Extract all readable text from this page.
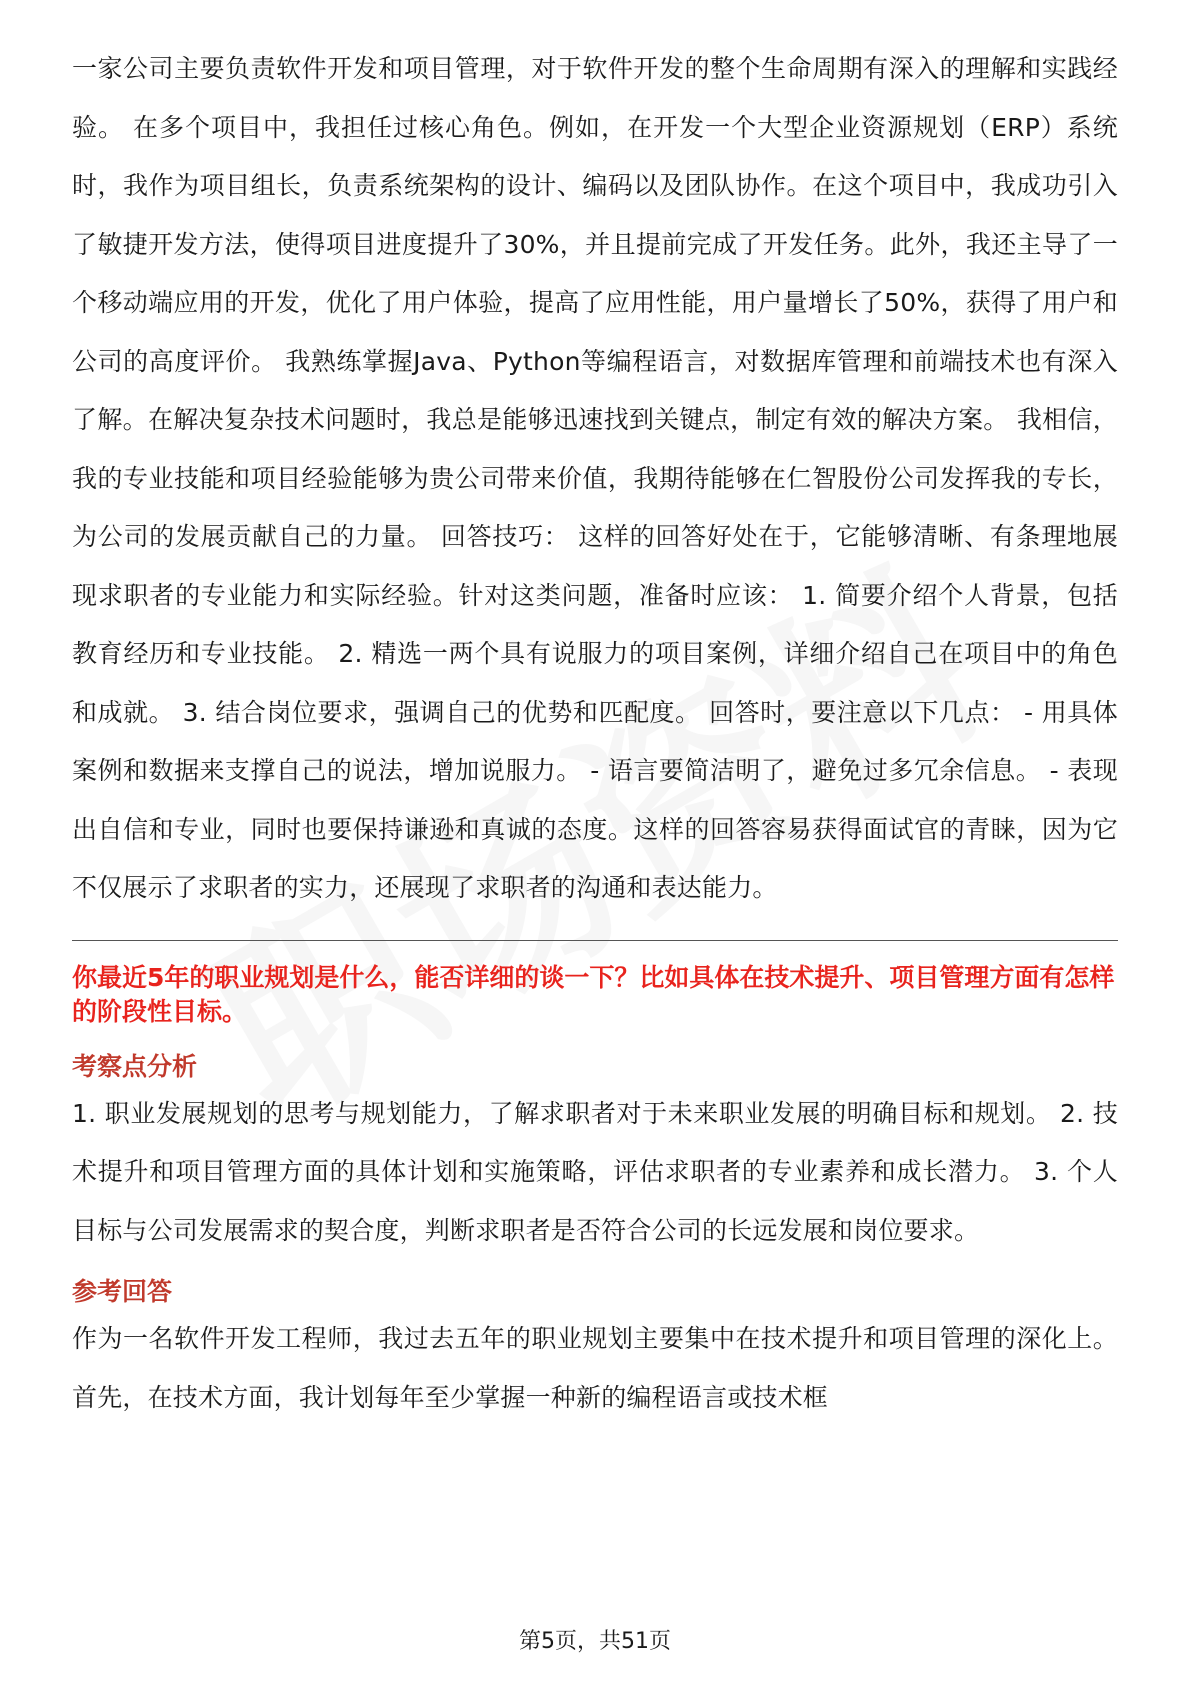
一家公司主要负责软件开发和项目管理，对于软件开发的整个生命周期有深入的理解和实践经验。 在多个项目中，我担任过核心角色。例如，在开发一个大型企业资源规划（ERP）系统时，我作为项目组长，负责系统架构的设计、编码以及团队协作。在这个项目中，我成功引入了敏捷开发方法，使得项目进度提升了30%，并且提前完成了开发任务。此外，我还主导了一个移动端应用的开发，优化了用户体验，提高了应用性能，用户量增长了50%，获得了用户和公司的高度评价。 我熟练掌握Java、Python等编程语言，对数据库管理和前端技术也有深入了解。在解决复杂技术问题时，我总是能够迅速找到关键点，制定有效的解决方案。 我相信，我的专业技能和项目经验能够为贵公司带来价值，我期待能够在仁智股份公司发挥我的专长，为公司的发展贡献自己的力量。 回答技巧： 这样的回答好处在于，它能够清晰、有条理地展现求职者的专业能力和实际经验。针对这类问题，准备时应该： 1. 简要介绍个人背景，包括教育经历和专业技能。 2. 精选一两个具有说服力的项目案例，详细介绍自己在项目中的角色和成就。 3. 结合岗位要求，强调自己的优势和匹配度。 回答时，要注意以下几点： - 用具体案例和数据来支撑自己的说法，增加说服力。 - 语言要简洁明了，避免过多冗余信息。 - 表现出自信和专业，同时也要保持谦逊和真诚的态度。这样的回答容易获得面试官的青睐，因为它不仅展示了求职者的实力，还展现了求职者的沟通和表达能力。

你最近5年的职业规划是什么，能否详细的谈一下？比如具体在技术提升、项目管理方面有怎样的阶段性目标。

考察点分析

1. 职业发展规划的思考与规划能力，了解求职者对于未来职业发展的明确目标和规划。 2. 技术提升和项目管理方面的具体计划和实施策略，评估求职者的专业素养和成长潜力。 3. 个人目标与公司发展需求的契合度，判断求职者是否符合公司的长远发展和岗位要求。

参考回答

作为一名软件开发工程师，我过去五年的职业规划主要集中在技术提升和项目管理的深化上。首先，在技术方面，我计划每年至少掌握一种新的编程语言或技术框

第5页，共51页
